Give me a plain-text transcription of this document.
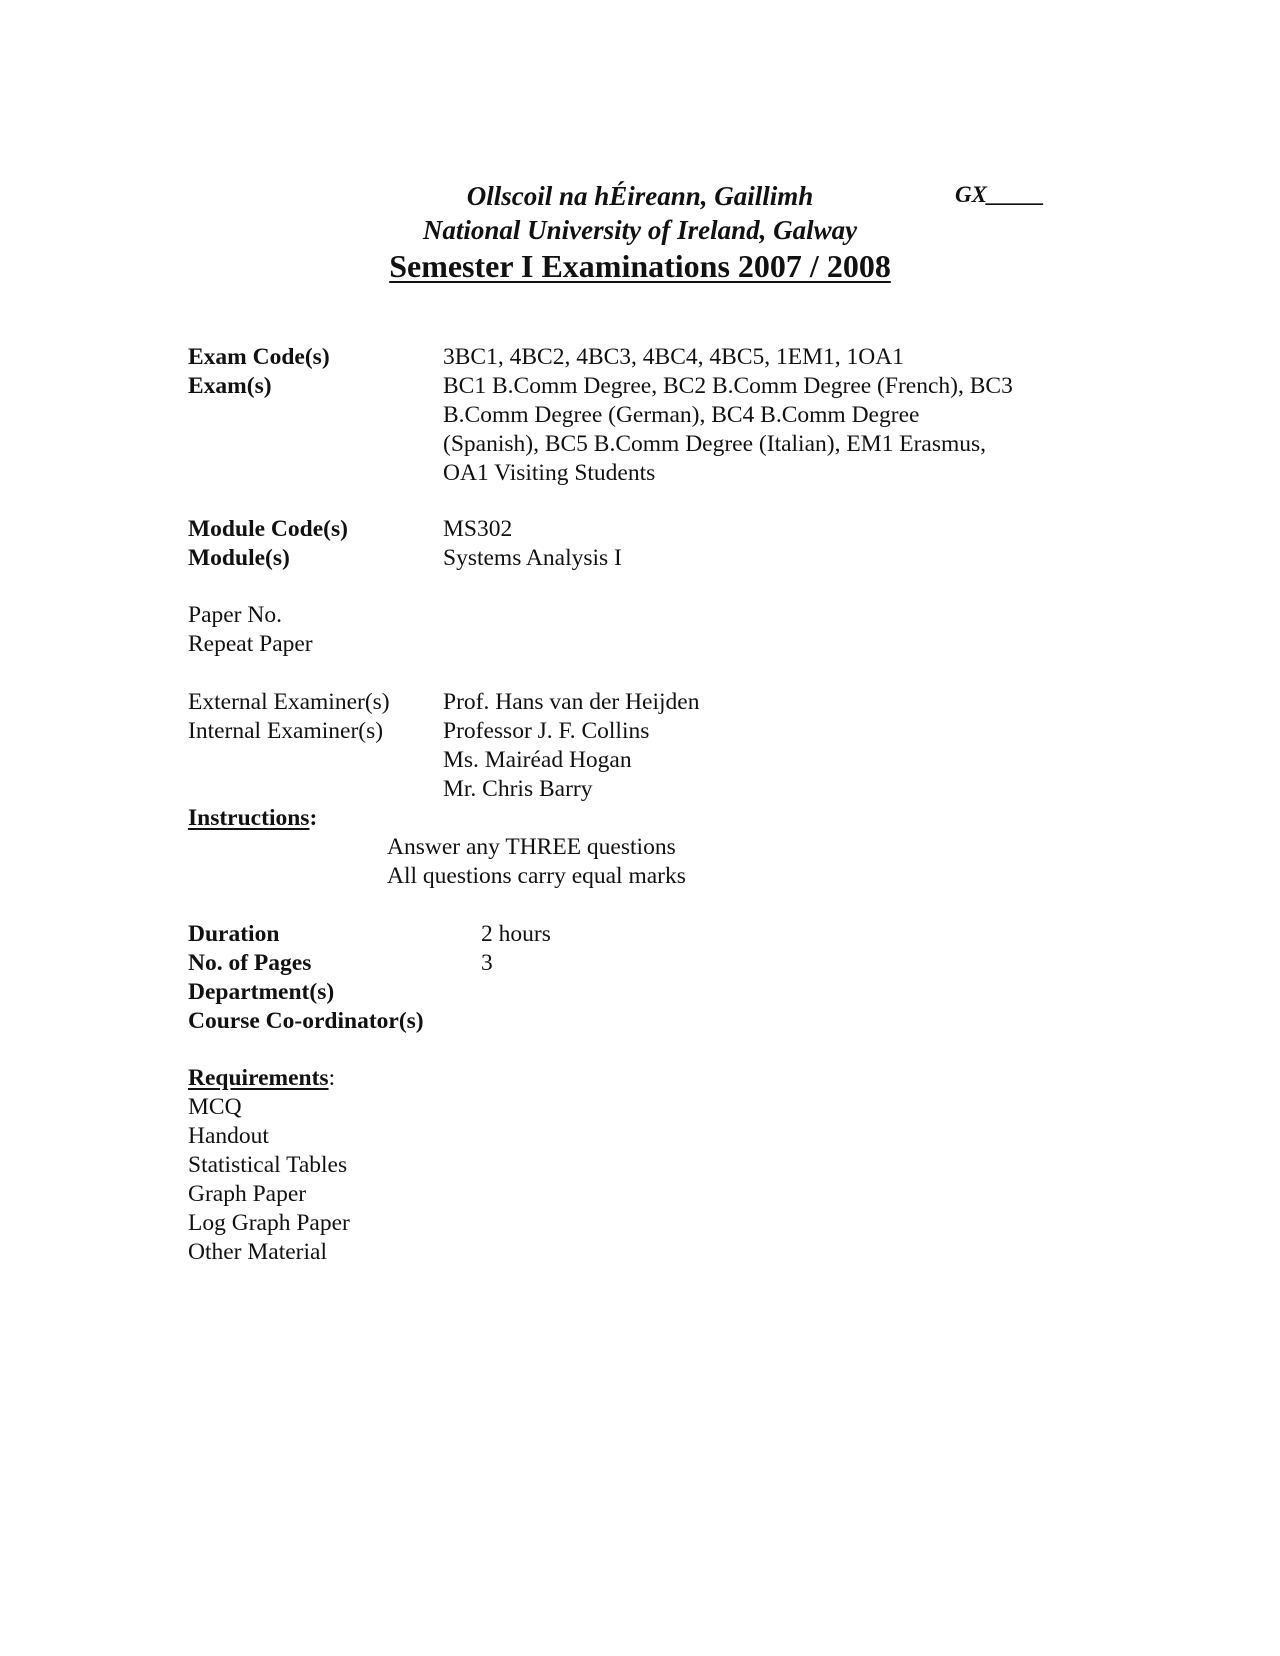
Ollscoil na hÉireann, Gaillimh
National University of Ireland, Galway
Semester I Examinations 2007 / 2008
GX_____
Exam Code(s)	3BC1, 4BC2, 4BC3, 4BC4, 4BC5, 1EM1, 1OA1
Exam(s)	BC1 B.Comm Degree, BC2 B.Comm Degree (French), BC3
B.Comm Degree (German), BC4 B.Comm Degree
(Spanish), BC5 B.Comm Degree (Italian), EM1 Erasmus,
OA1 Visiting Students
Module Code(s)	MS302
Module(s)	Systems Analysis I
Paper No.
Repeat Paper
External Examiner(s) Prof. Hans van der Heijden
Internal Examiner(s)	Professor J. F. Collins
Ms. Mairéad Hogan
Mr. Chris Barry
Instructions:
Answer any THREE questions
All questions carry equal marks
Duration	2 hours
No. of Pages	3
Department(s)
Course Co-ordinator(s)
Requirements:
MCQ
Handout
Statistical Tables
Graph Paper
Log Graph Paper
Other Material
